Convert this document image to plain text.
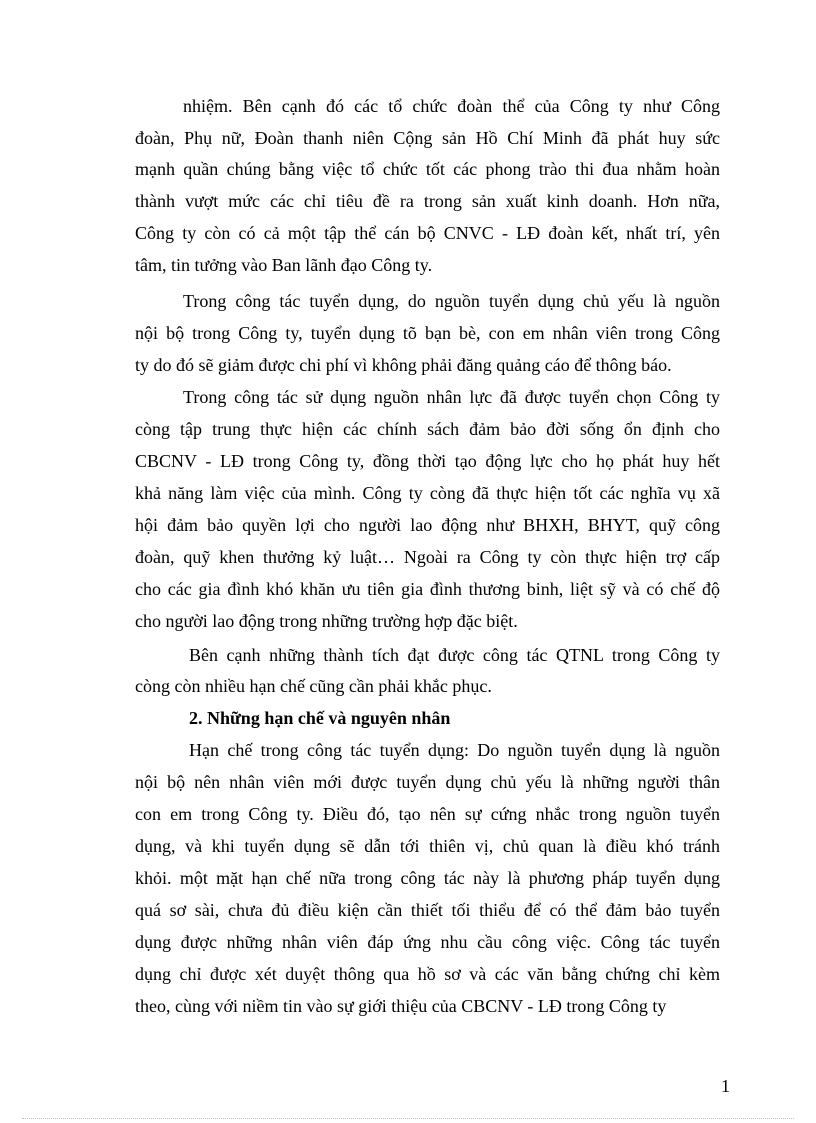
nhiệm. Bên cạnh đó các tổ chức đoàn thể của Công ty như Công
đoàn, Phụ nữ, Đoàn thanh niên Cộng sản Hồ Chí Minh đã phát huy sức
mạnh quần chúng bằng việc tổ chức tốt các phong trào thi đua nhằm hoàn
thành vượt mức các chỉ tiêu đề ra trong sản xuất kinh doanh. Hơn nữa,
Công ty còn có cả một tập thể cán bộ CNVC - LĐ đoàn kết, nhất trí, yên
tâm, tin tưởng vào Ban lãnh đạo Công ty.
Trong công tác tuyển dụng, do nguồn tuyển dụng chủ yếu là nguồn
nội bộ trong Công ty, tuyển dụng tõ bạn bè, con em nhân viên trong Công
ty do đó sẽ giảm được chi phí vì không phải đăng quảng cáo để thông báo.
Trong công tác sử dụng nguồn nhân lực đã được tuyển chọn Công ty
còng tập trung thực hiện các chính sách đảm bảo đời sống ổn định cho
CBCNV - LĐ trong Công ty, đồng thời tạo động lực cho họ phát huy hết
khả năng làm việc của mình. Công ty còng đã thực hiện tốt các nghĩa vụ xã
hội đảm bảo quyền lợi cho người lao động như BHXH, BHYT, quỹ công
đoàn, quỹ khen thưởng kỷ luật… Ngoài ra Công ty còn thực hiện trợ cấp
cho các gia đình khó khăn ưu tiên gia đình thương binh, liệt sỹ và có chế độ
cho người lao động trong những trường hợp đặc biệt.
Bên cạnh những thành tích đạt được công tác QTNL trong Công ty
còng còn nhiều hạn chế cũng cần phải khắc phục.
2. Những hạn chế và nguyên nhân
Hạn chế trong công tác tuyển dụng: Do nguồn tuyển dụng là nguồn
nội bộ nên nhân viên mới được tuyển dụng chủ yếu là những người thân
con em trong Công ty. Điều đó, tạo nên sự cứng nhắc trong nguồn tuyển
dụng, và khi tuyển dụng sẽ dẫn tới thiên vị, chủ quan là điều khó tránh
khỏi. một mặt hạn chế nữa trong công tác này là phương pháp tuyển dụng
quá sơ sài, chưa đủ điều kiện cần thiết tối thiểu để có thể đảm bảo tuyển
dụng được những nhân viên đáp ứng nhu cầu công việc. Công tác tuyển
dụng chỉ được xét duyệt thông qua hồ sơ và các văn bằng chứng chỉ kèm
theo, cùng với niềm tin vào sự giới thiệu của CBCNV - LĐ trong Công ty
1
